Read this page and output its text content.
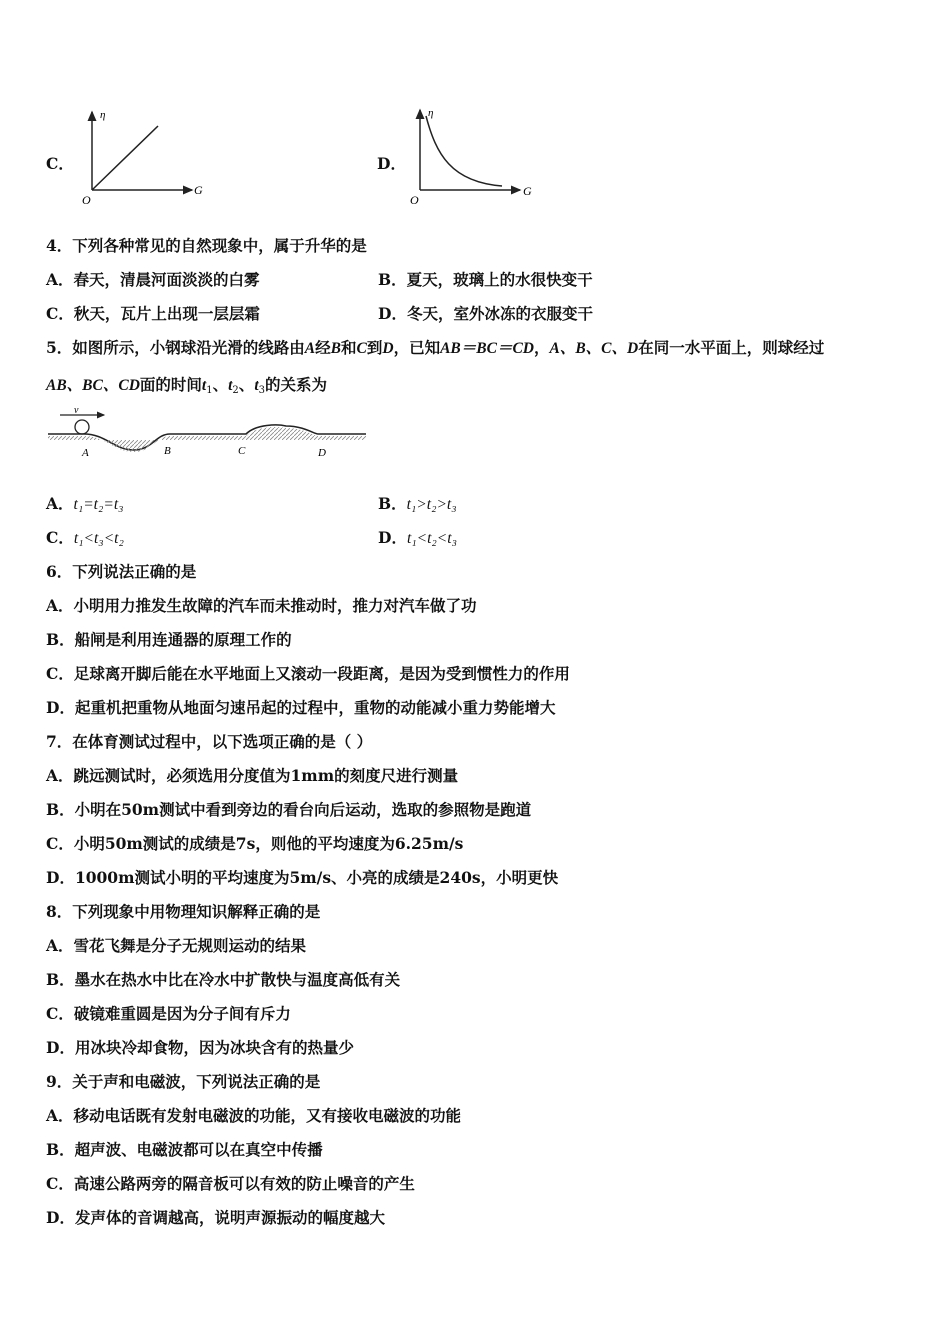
C．
η
G
O
D．
η
G
O
4．下列各种常见的自然现象中，属于升华的是
A．春天，清晨河面淡淡的白雾	B．夏天，玻璃上的水很快变干
C．秋天，瓦片上出现一层层霜	D．冬天，室外冰冻的衣服变干
5．如图所示，小钢球沿光滑的线路由A经B和C到D，已知AB＝BC＝CD，A、B、C、D在同一水平面上，则球经过
AB、BC、CD面的时间$t_1$、$t_2$、$t_3$的关系为
v
A	B	C	D
A．t₁=t₂=t₃	B．t₁>t₂>t₃
C．t₁<t₃<t₂	D．t₁<t₂<t₃
6．下列说法正确的是
A．小明用力推发生故障的汽车而未推动时，推力对汽车做了功
B．船闸是利用连通器的原理工作的
C．足球离开脚后能在水平地面上又滚动一段距离，是因为受到惯性力的作用
D．起重机把重物从地面匀速吊起的过程中，重物的动能减小重力势能增大
7．在体育测试过程中，以下选项正确的是（ ）
A．跳远测试时，必须选用分度值为1mm的刻度尺进行测量
B．小明在50m测试中看到旁边的看台向后运动，选取的参照物是跑道
C．小明50m测试的成绩是7s，则他的平均速度为6.25m/s
D．1000m测试小明的平均速度为5m/s、小亮的成绩是240s，小明更快
8．下列现象中用物理知识解释正确的是
A．雪花飞舞是分子无规则运动的结果
B．墨水在热水中比在冷水中扩散快与温度高低有关
C．破镜难重圆是因为分子间有斥力
D．用冰块冷却食物，因为冰块含有的热量少
9．关于声和电磁波，下列说法正确的是
A．移动电话既有发射电磁波的功能，又有接收电磁波的功能
B．超声波、电磁波都可以在真空中传播
C．高速公路两旁的隔音板可以有效的防止噪音的产生
D．发声体的音调越高，说明声源振动的幅度越大
